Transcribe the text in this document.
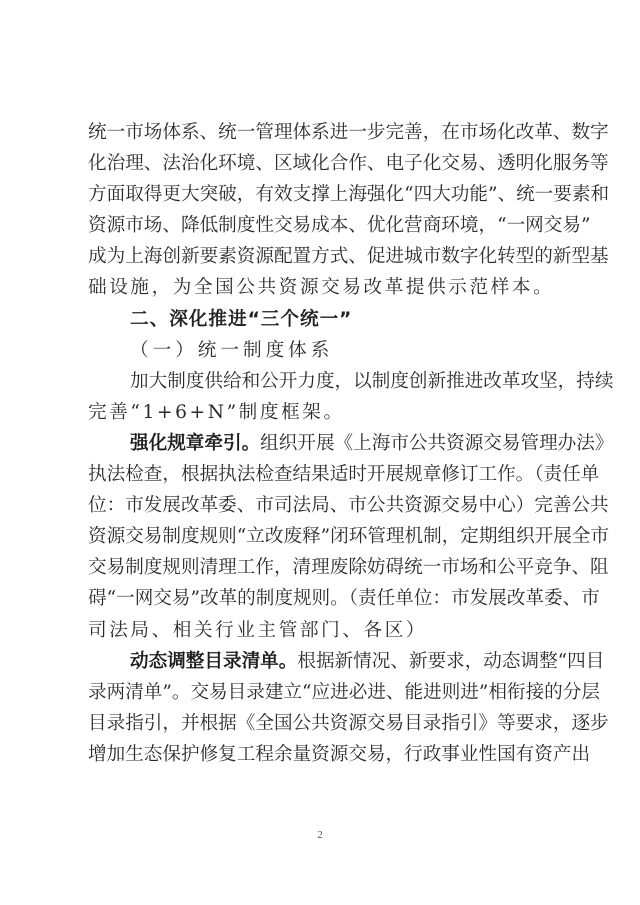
统一市场体系、统一管理体系进一步完善，在市场化改革、数字
化治理、法治化环境、区域化合作、电子化交易、透明化服务等
方面取得更大突破，有效支撑上海强化“四大功能”、统一要素和
资源市场、降低制度性交易成本、优化营商环境，“一网交易”
成为上海创新要素资源配置方式、促进城市数字化转型的新型基
础设施，为全国公共资源交易改革提供示范样本。
二、深化推进“三个统一”
（一）统一制度体系
加大制度供给和公开力度，以制度创新推进改革攻坚，持续
完善“1+6+N”制度框架。
强化规章牵引。组织开展《上海市公共资源交易管理办法》
执法检查，根据执法检查结果适时开展规章修订工作。（责任单
位：市发展改革委、市司法局、市公共资源交易中心）完善公共
资源交易制度规则“立改废释”闭环管理机制，定期组织开展全市
交易制度规则清理工作，清理废除妨碍统一市场和公平竞争、阻
碍“一网交易”改革的制度规则。（责任单位：市发展改革委、市
司法局、相关行业主管部门、各区）
动态调整目录清单。根据新情况、新要求，动态调整“四目
录两清单”。交易目录建立“应进必进、能进则进”相衔接的分层
目录指引，并根据《全国公共资源交易目录指引》等要求，逐步
增加生态保护修复工程余量资源交易，行政事业性国有资产出
2
